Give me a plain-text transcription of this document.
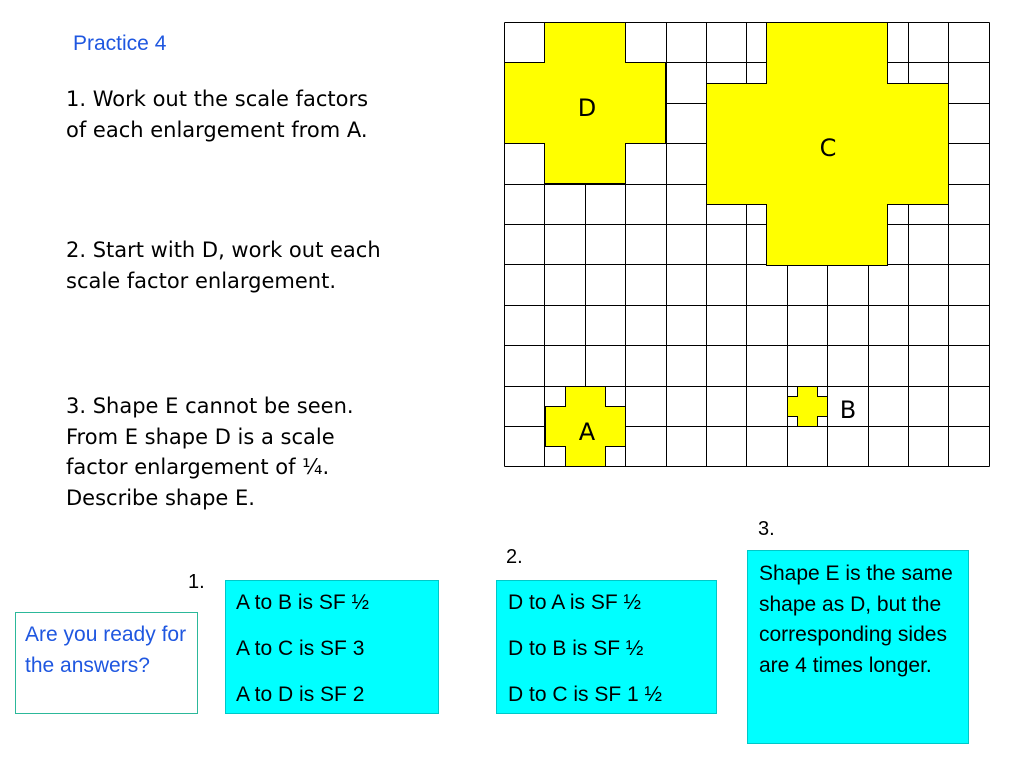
Practice 4
1. Work out the scale factors of each enlargement from A.
2. Start with D, work out each scale factor enlargement.
3. Shape E cannot be seen. From E shape D is a scale factor enlargement of ¼. Describe shape E.
D
C
A
B
1.

A to B is SF ½

A to C is SF 3

A to D is SF 2

2.

D to A is SF ½

D to B is SF ½

D to C is SF 1 ½

3.
Shape E is the same shape as D, but the corresponding sides are 4 times longer.
Are you ready for the answers?
